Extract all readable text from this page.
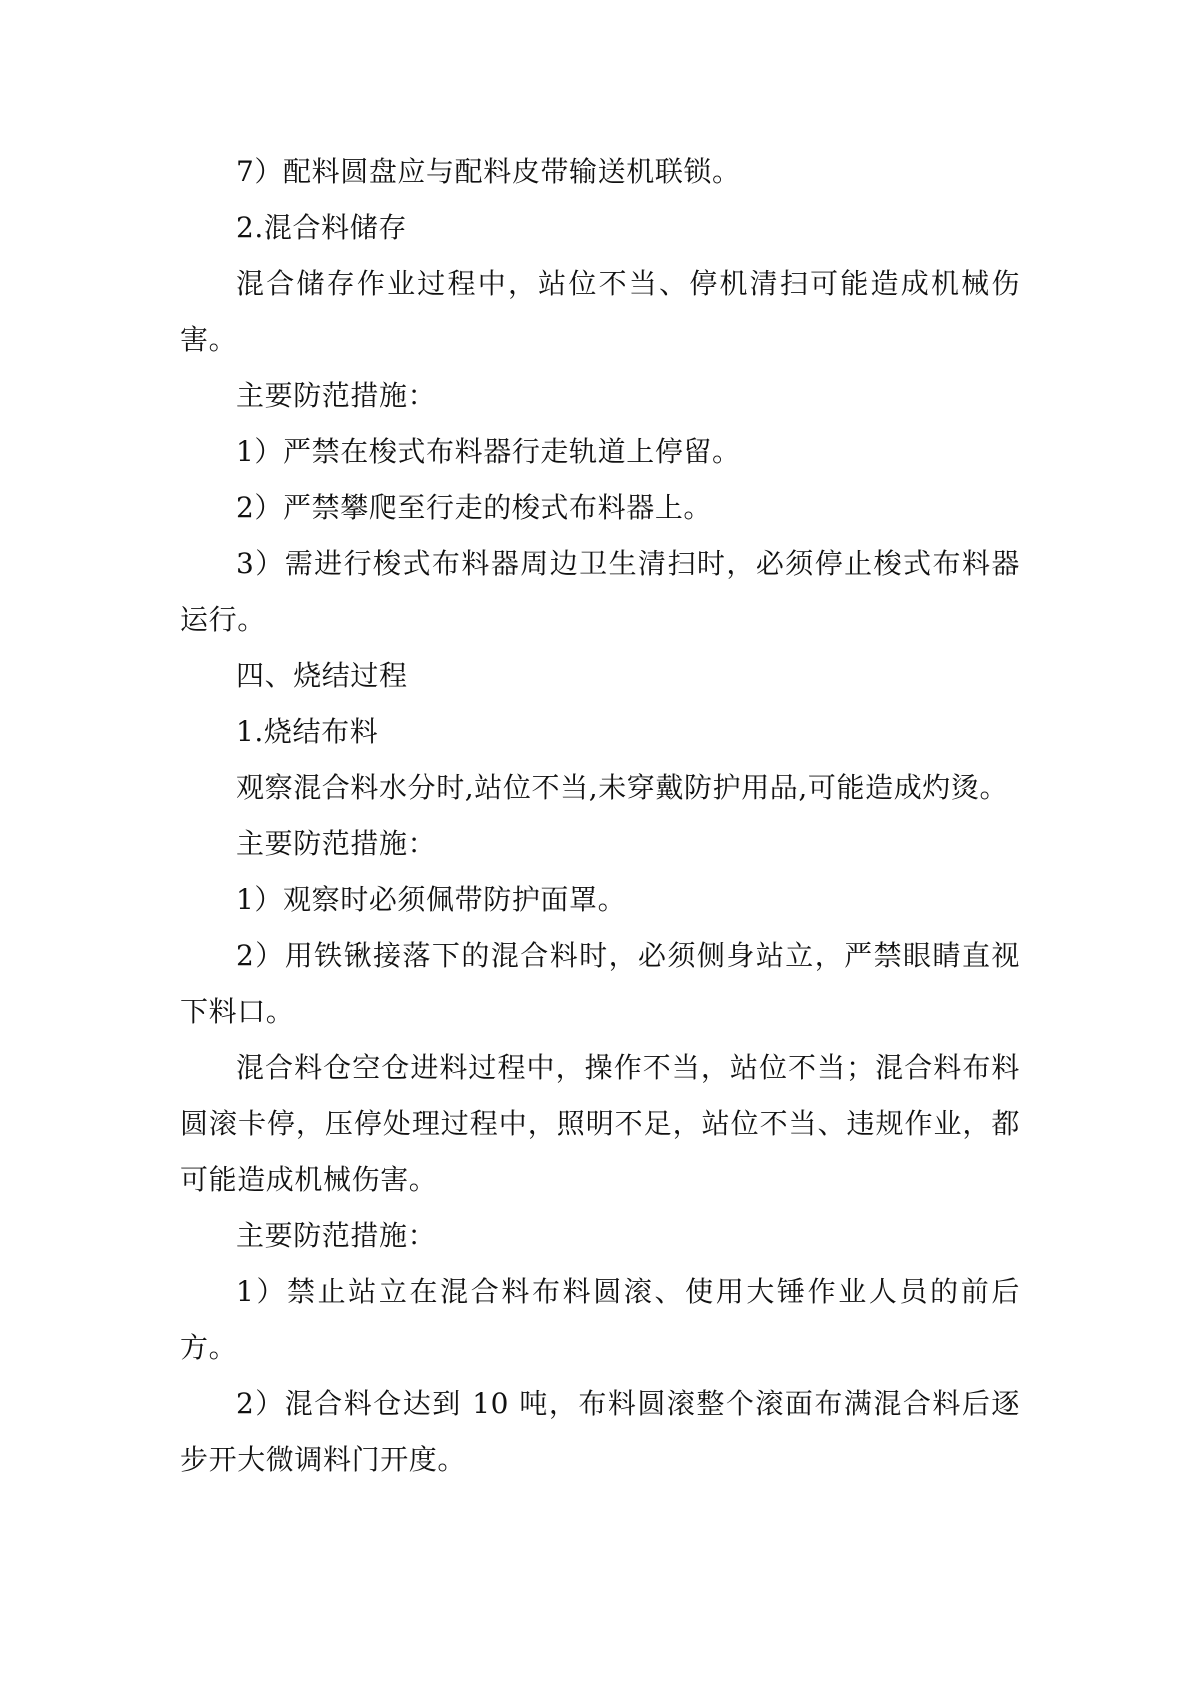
7）配料圆盘应与配料皮带输送机联锁。

2.混合料储存

混合储存作业过程中，站位不当、停机清扫可能造成机械伤害。

主要防范措施：

1）严禁在梭式布料器行走轨道上停留。

2）严禁攀爬至行走的梭式布料器上。

3）需进行梭式布料器周边卫生清扫时，必须停止梭式布料器运行。

四、烧结过程

1.烧结布料

观察混合料水分时,站位不当,未穿戴防护用品,可能造成灼烫。

主要防范措施：

1）观察时必须佩带防护面罩。

2）用铁锹接落下的混合料时，必须侧身站立，严禁眼睛直视下料口。

混合料仓空仓进料过程中，操作不当，站位不当；混合料布料圆滚卡停，压停处理过程中，照明不足，站位不当、违规作业，都可能造成机械伤害。

主要防范措施：

1）禁止站立在混合料布料圆滚、使用大锤作业人员的前后方。

2）混合料仓达到 10 吨，布料圆滚整个滚面布满混合料后逐步开大微调料门开度。
